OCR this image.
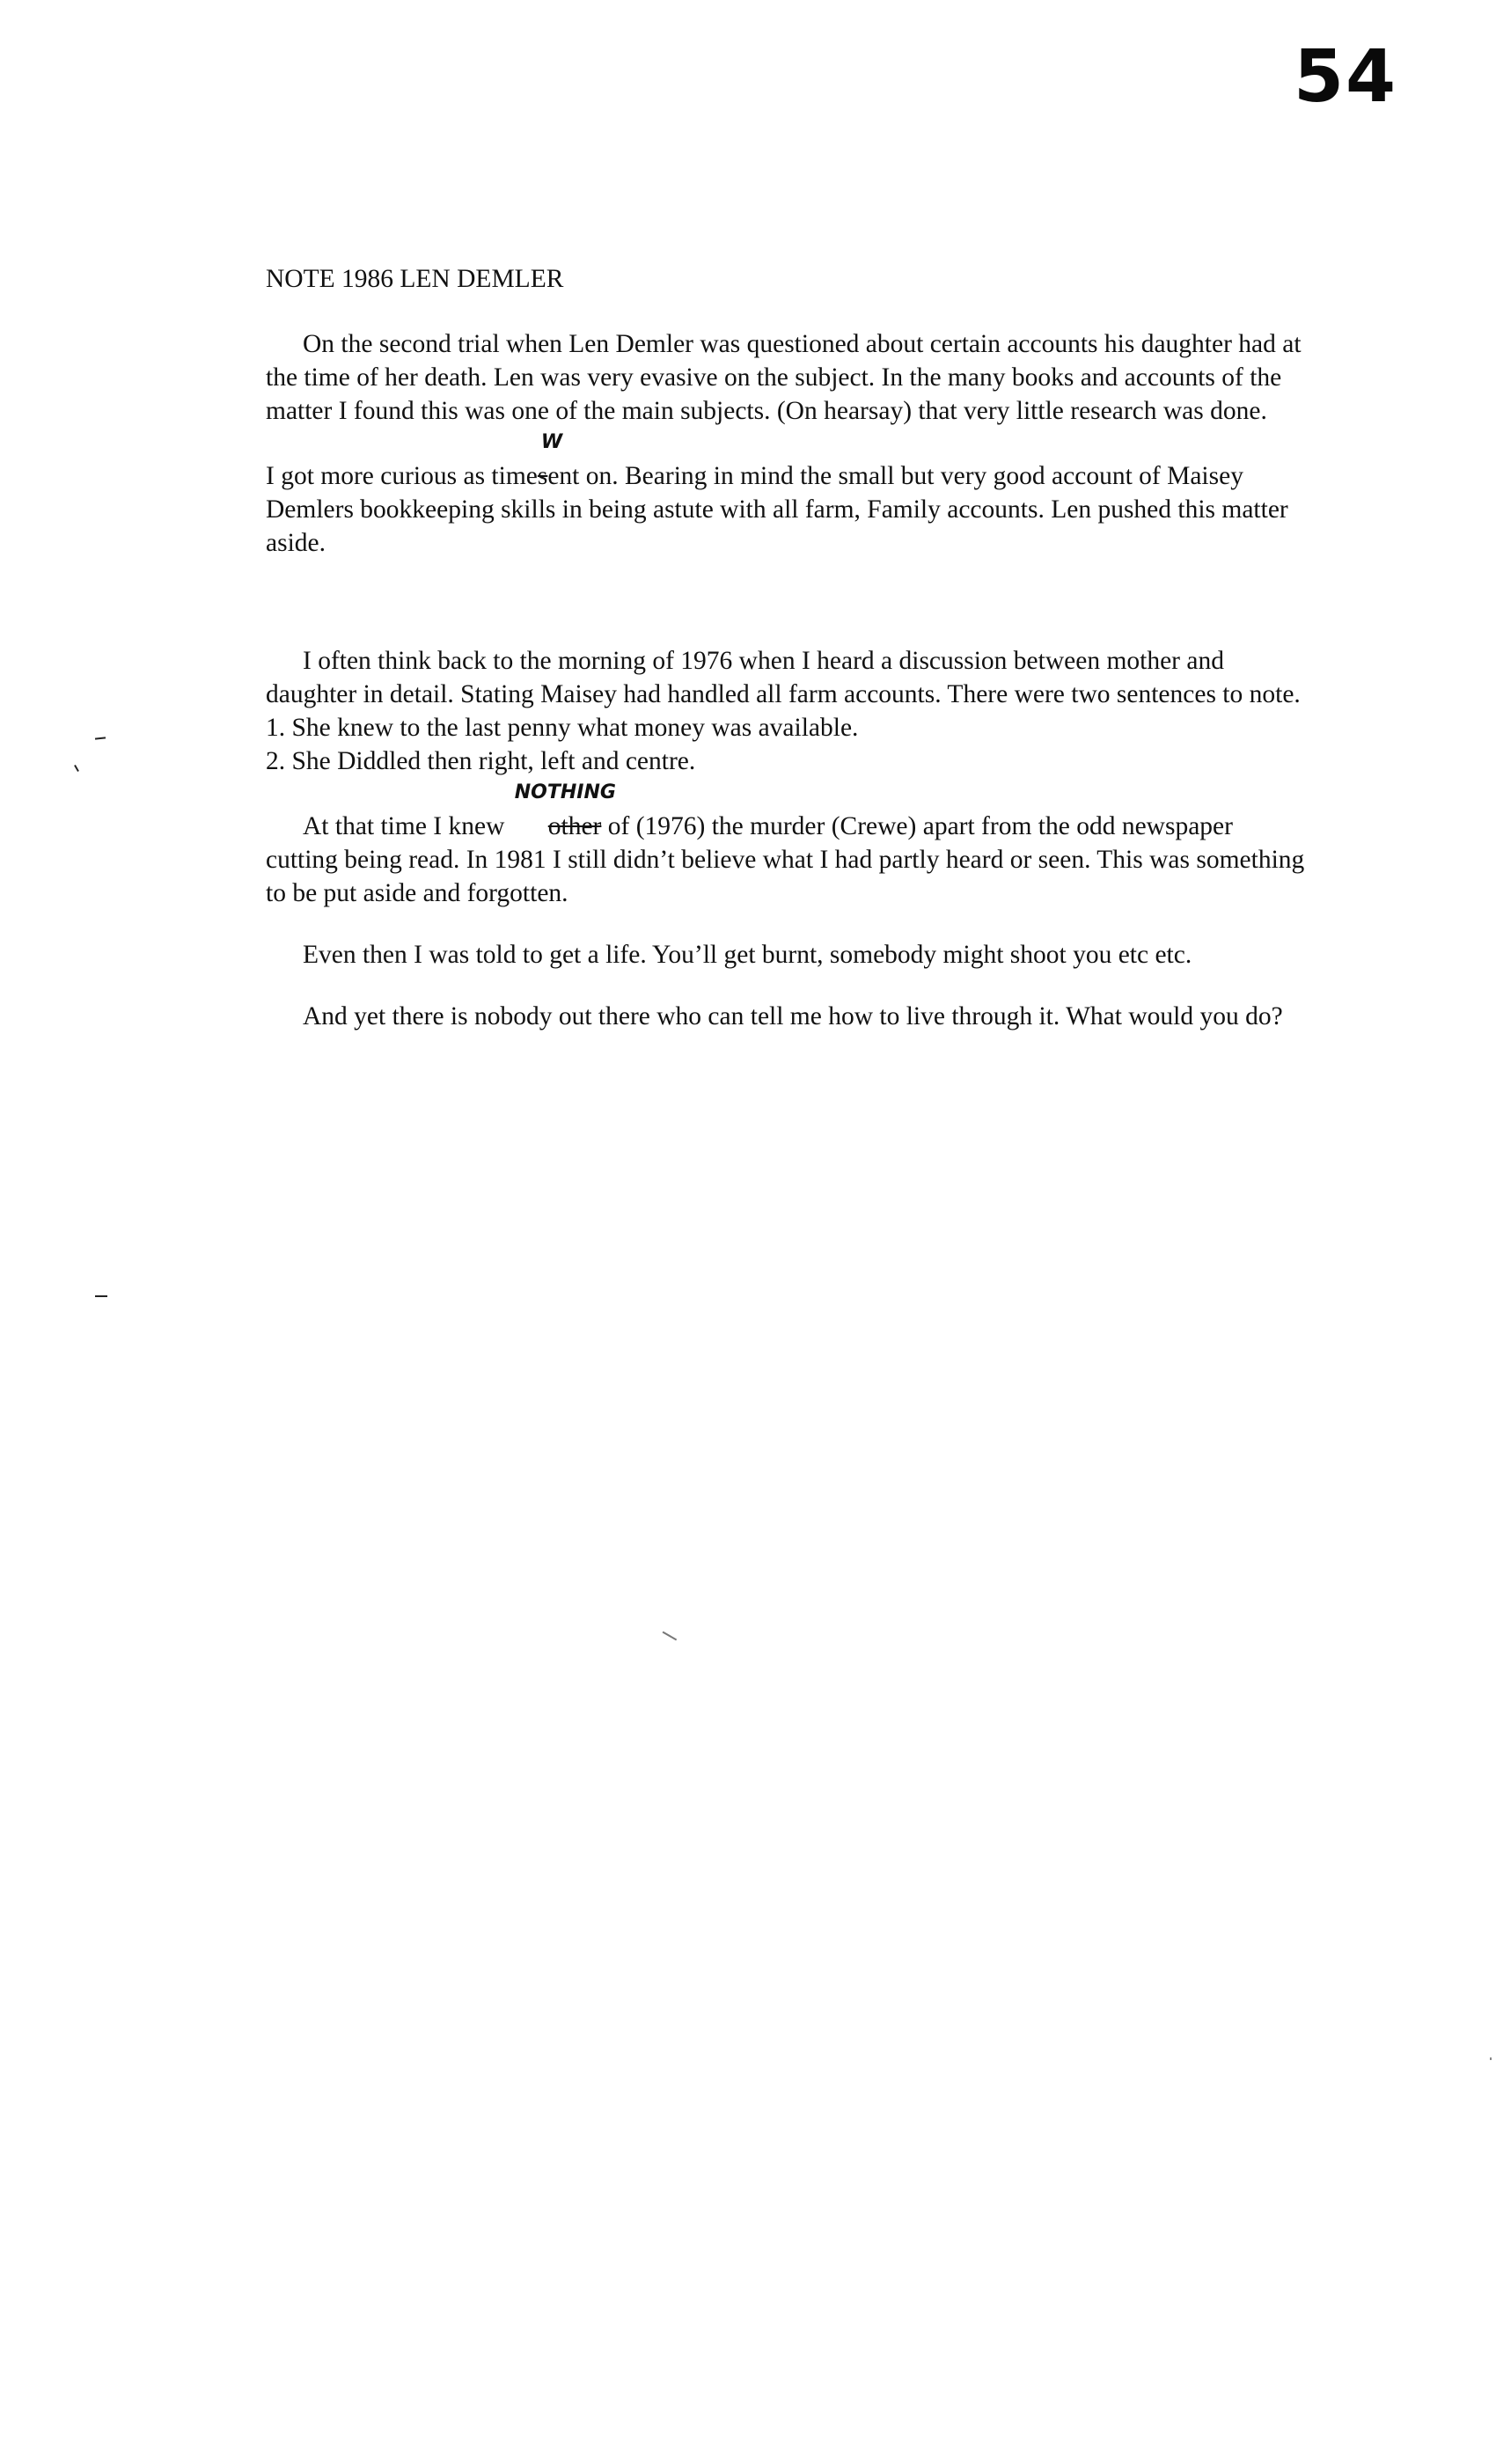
54
NOTE 1986 LEN DEMLER

On the second trial when Len Demler was questioned about certain accounts his daughter had at the time of her death. Len was very evasive on the subject. In the many books and accounts of the matter I found this was one of the main subjects. (On hearsay) that very little research was done.

I got more curious as time
W
sent on. Bearing in mind the small but very good account of Maisey Demlers bookkeeping skills in being astute with all farm, Family accounts. Len pushed this matter aside.

I often think back to the morning of 1976 when I heard a discussion between mother and daughter in detail. Stating Maisey had handled all farm accounts. There were two sentences to note.

1. She knew to the last penny what money was available.

2. She Diddled then right, left and centre.

At that time I knew
NOTHING
other of (1976) the murder (Crewe) apart from the odd newspaper cutting being read. In 1981 I still didn’t believe what I had partly heard or seen. This was something to be put aside and forgotten.

Even then I was told to get a life. You’ll get burnt, somebody might shoot you etc etc.

And yet there is nobody out there who can tell me how to live through it. What would you do?
